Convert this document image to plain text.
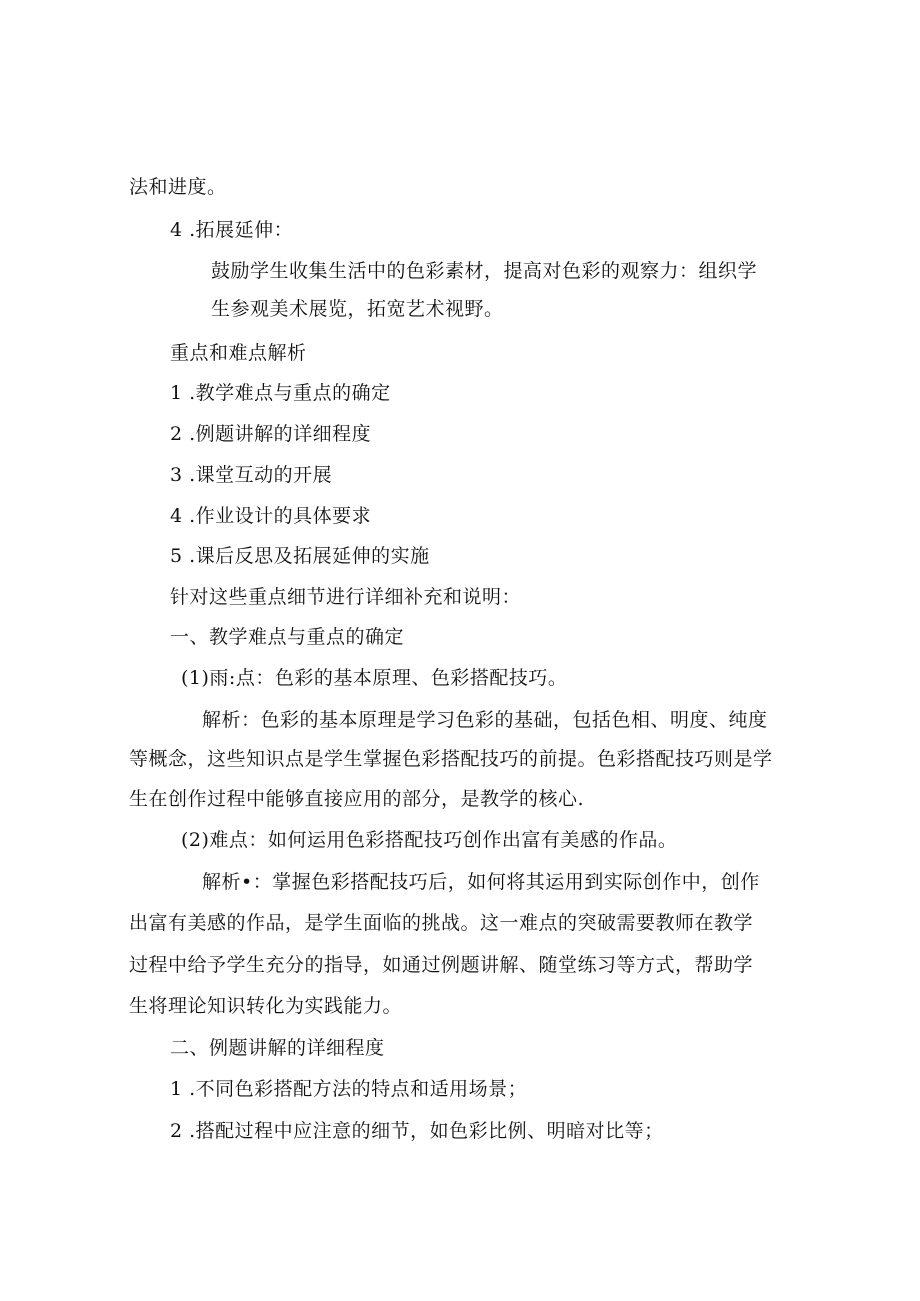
法和进度。
4 .拓展延伸：
鼓励学生收集生活中的色彩素材，提高对色彩的观察力：组织学
生参观美术展览，拓宽艺术视野。
重点和难点解析
1 .教学难点与重点的确定
2 .例题讲解的详细程度
3 .课堂互动的开展
4 .作业设计的具体要求
5 .课后反思及拓展延伸的实施
针对这些重点细节进行详细补充和说明：
一、教学难点与重点的确定
(1)雨:点：色彩的基本原理、色彩搭配技巧。
解析：色彩的基本原理是学习色彩的基础，包括色相、明度、纯度
等概念，这些知识点是学生掌握色彩搭配技巧的前提。色彩搭配技巧则是学
生在创作过程中能够直接应用的部分，是教学的核心.
(2)难点：如何运用色彩搭配技巧创作出富有美感的作品。
解析•：掌握色彩搭配技巧后，如何将其运用到实际创作中，创作
出富有美感的作品，是学生面临的挑战。这一难点的突破需要教师在教学
过程中给予学生充分的指导，如通过例题讲解、随堂练习等方式，帮助学
生将理论知识转化为实践能力。
二、例题讲解的详细程度
1 .不同色彩搭配方法的特点和适用场景；
2 .搭配过程中应注意的细节，如色彩比例、明暗对比等；
